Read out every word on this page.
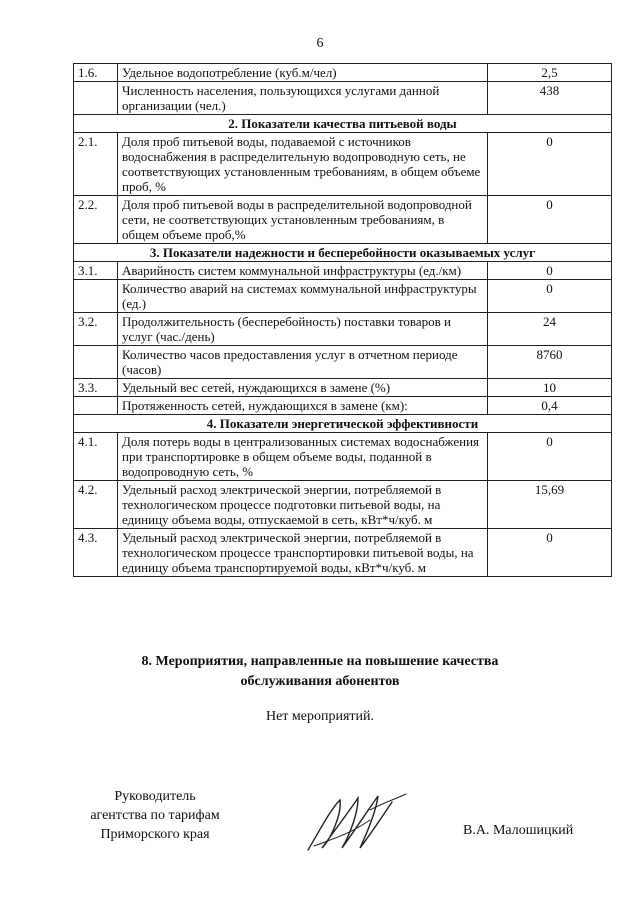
6
1.6.	Удельное водопотребление (куб.м/чел)	2,5
	Численность населения, пользующихся услугами данной организации (чел.)	438
2. Показатели качества питьевой воды		
2.1.	Доля проб питьевой воды, подаваемой с источников водоснабжения в распределительную водопроводную сеть, не соответствующих установленным требованиям, в общем объеме проб, %	0
2.2.	Доля проб питьевой воды в распределительной водопроводной сети, не соответствующих установленным требованиям, в общем объеме проб,%	0
3. Показатели надежности и бесперебойности оказываемых услуг		
3.1.	Аварийность систем коммунальной инфраструктуры (ед./км)	0
	Количество аварий на системах коммунальной инфраструктуры (ед.)	0
3.2.	Продолжительность (бесперебойность) поставки товаров и услуг (час./день)	24
	Количество часов предоставления услуг в отчетном периоде (часов)	8760
3.3.	Удельный вес сетей, нуждающихся в замене (%)	10
	Протяженность сетей, нуждающихся в замене (км):	0,4
4. Показатели энергетической эффективности		
4.1.	Доля потерь воды в централизованных системах водоснабжения при транспортировке в общем объеме воды, поданной в водопроводную сеть, %	0
4.2.	Удельный расход электрической энергии, потребляемой в технологическом процессе подготовки питьевой воды, на единицу объема воды, отпускаемой в сеть, кВт*ч/куб. м	15,69
4.3.	Удельный расход электрической энергии, потребляемой в технологическом процессе транспортировки питьевой воды, на единицу объема транспортируемой воды, кВт*ч/куб. м	0
8. Мероприятия, направленные на повышение качества
обслуживания абонентов
Нет мероприятий.
Руководитель
агентства по тарифам
Приморского края	В.А. Малошицкий
